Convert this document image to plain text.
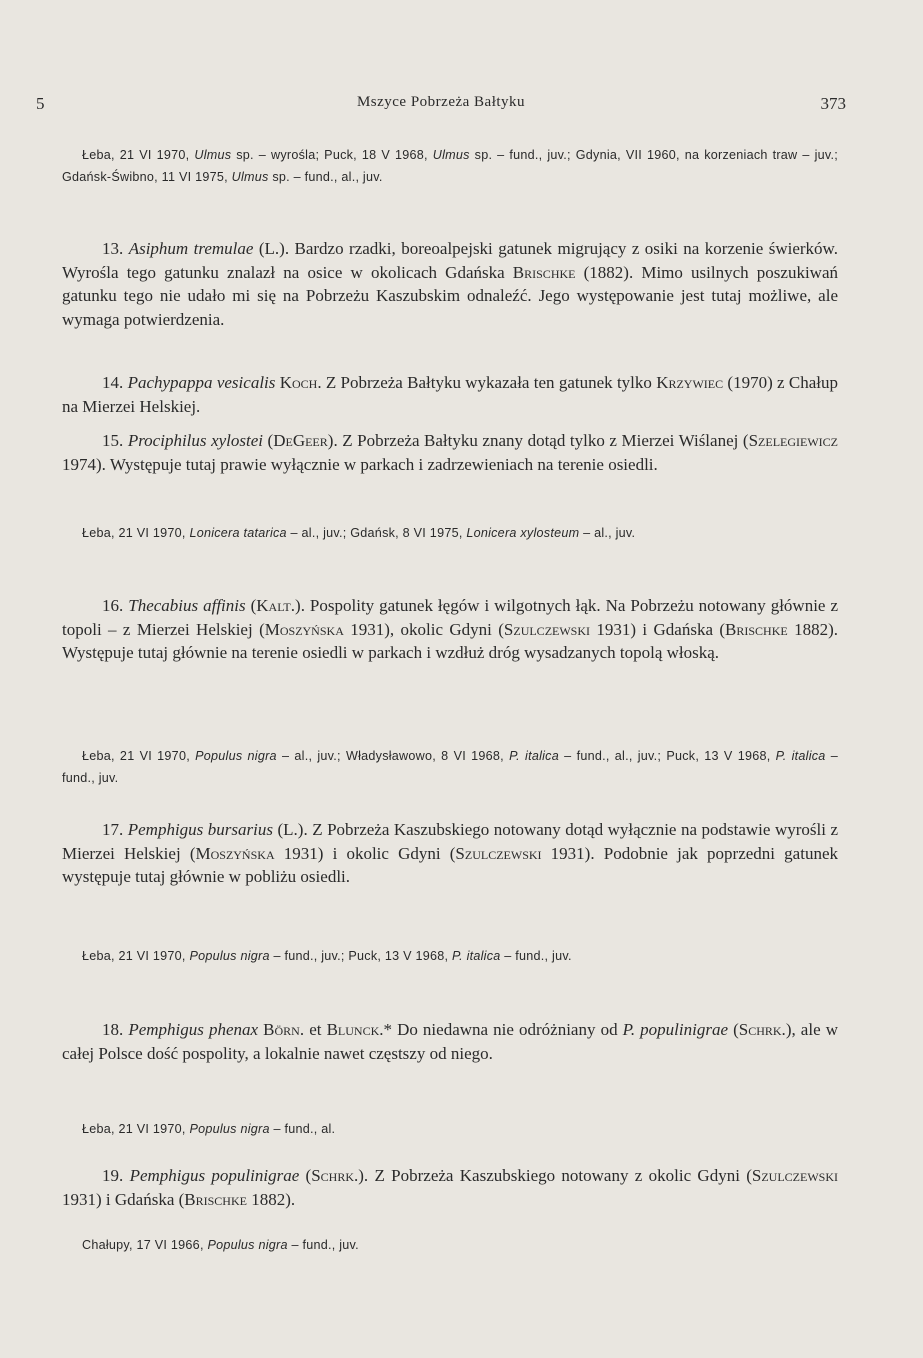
5	Mszyce Pobrzeża Bałtyku	373

Łeba, 21 VI 1970, Ulmus sp. – wyrośla; Puck, 18 V 1968, Ulmus sp. – fund., juv.; Gdynia, VII 1960, na korzeniach traw – juv.; Gdańsk-Świbno, 11 VI 1975, Ulmus sp. – fund., al., juv.

13. Asiphum tremulae (L.). Bardzo rzadki, boreoalpejski gatunek migrujący z osiki na korzenie świerków. Wyrośla tego gatunku znalazł na osice w okolicach Gdańska Brischke (1882). Mimo usilnych poszukiwań gatunku tego nie udało mi się na Pobrzeżu Kaszubskim odnaleźć. Jego występowanie jest tutaj możliwe, ale wymaga potwierdzenia.

14. Pachypappa vesicalis Koch. Z Pobrzeża Bałtyku wykazała ten gatunek tylko Krzywiec (1970) z Chałup na Mierzei Helskiej.

15. Prociphilus xylostei (DeGeer). Z Pobrzeża Bałtyku znany dotąd tylko z Mierzei Wiślanej (Szelegiewicz 1974). Występuje tutaj prawie wyłącznie w parkach i zadrzewieniach na terenie osiedli.

Łeba, 21 VI 1970, Lonicera tatarica – al., juv.; Gdańsk, 8 VI 1975, Lonicera xylosteum – al., juv.

16. Thecabius affinis (Kalt.). Pospolity gatunek łęgów i wilgotnych łąk. Na Pobrzeżu notowany głównie z topoli – z Mierzei Helskiej (Moszyńska 1931), okolic Gdyni (Szulczewski 1931) i Gdańska (Brischke 1882). Występuje tutaj głównie na terenie osiedli w parkach i wzdłuż dróg wysadzanych topolą włoską.

Łeba, 21 VI 1970, Populus nigra – al., juv.; Władysławowo, 8 VI 1968, P. italica – fund., al., juv.; Puck, 13 V 1968, P. italica – fund., juv.

17. Pemphigus bursarius (L.). Z Pobrzeża Kaszubskiego notowany dotąd wyłącznie na podstawie wyrośli z Mierzei Helskiej (Moszyńska 1931) i okolic Gdyni (Szulczewski 1931). Podobnie jak poprzedni gatunek występuje tutaj głównie w pobliżu osiedli.

Łeba, 21 VI 1970, Populus nigra – fund., juv.; Puck, 13 V 1968, P. italica – fund., juv.

18. Pemphigus phenax Börn. et Blunck.* Do niedawna nie odróżniany od P. populinigrae (Schrk.), ale w całej Polsce dość pospolity, a lokalnie nawet częstszy od niego.

Łeba, 21 VI 1970, Populus nigra – fund., al.

19. Pemphigus populinigrae (Schrk.). Z Pobrzeża Kaszubskiego notowany z okolic Gdyni (Szulczewski 1931) i Gdańska (Brischke 1882).

Chałupy, 17 VI 1966, Populus nigra – fund., juv.
